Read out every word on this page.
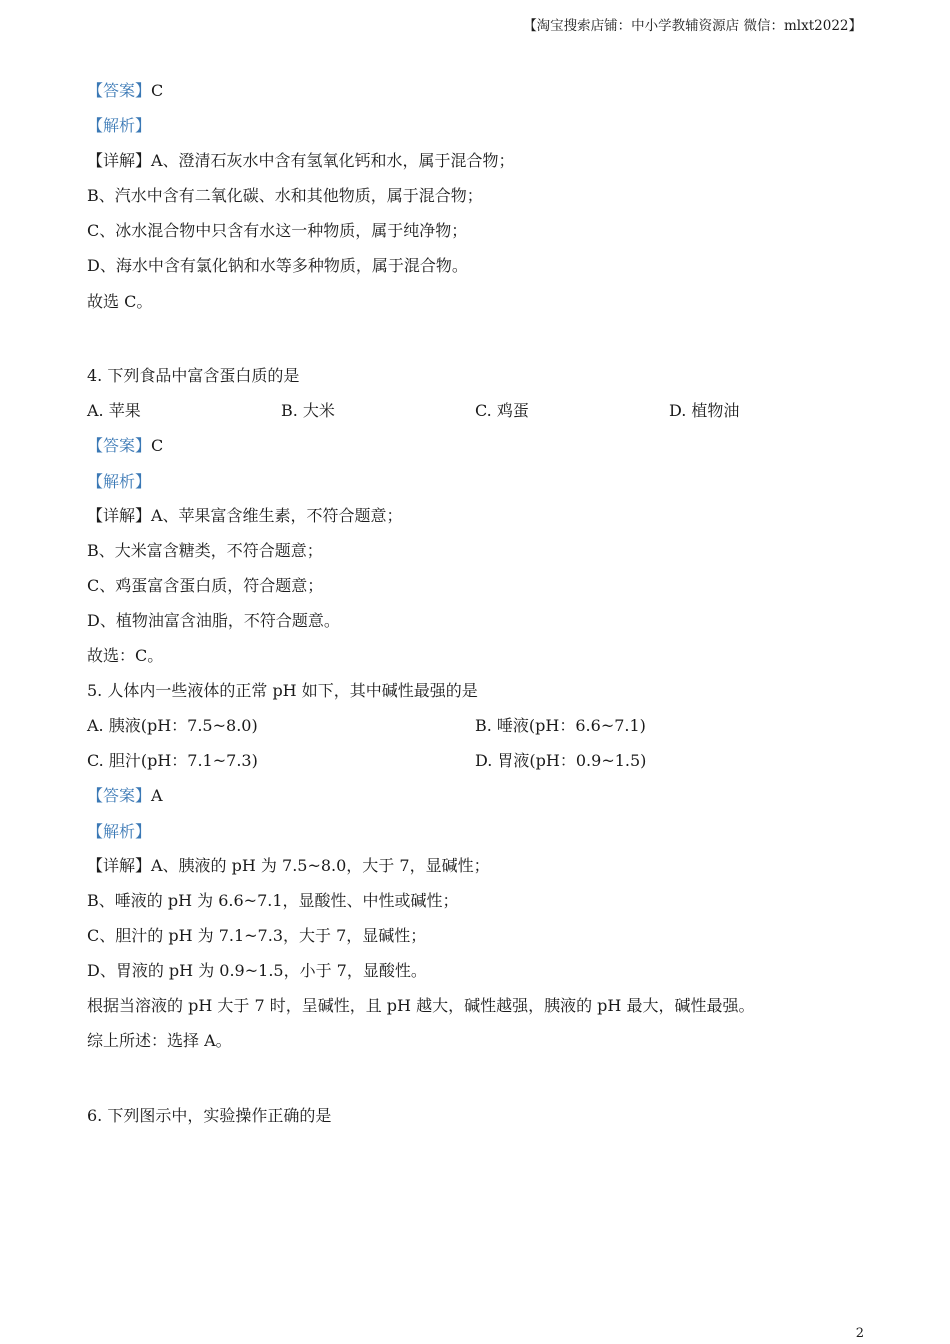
【淘宝搜索店铺：中小学教辅资源店 微信：mlxt2022】
【答案】C
【解析】
【详解】A、澄清石灰水中含有氢氧化钙和水，属于混合物；
B、汽水中含有二氧化碳、水和其他物质，属于混合物；
C、冰水混合物中只含有水这一种物质，属于纯净物；
D、海水中含有氯化钠和水等多种物质，属于混合物。
故选 C。
4. 下列食品中富含蛋白质的是
A. 苹果	B. 大米	C. 鸡蛋	D. 植物油
【答案】C
【解析】
【详解】A、苹果富含维生素，不符合题意；
B、大米富含糖类，不符合题意；
C、鸡蛋富含蛋白质，符合题意；
D、植物油富含油脂，不符合题意。
故选：C。
5. 人体内一些液体的正常 pH 如下，其中碱性最强的是
A. 胰液(pH：7.5~8.0)	B. 唾液(pH：6.6~7.1)
C. 胆汁(pH：7.1~7.3)	D. 胃液(pH：0.9~1.5)
【答案】A
【解析】
【详解】A、胰液的 pH 为 7.5~8.0，大于 7，显碱性；
B、唾液的 pH 为 6.6~7.1，显酸性、中性或碱性；
C、胆汁的 pH 为 7.1~7.3，大于 7，显碱性；
D、胃液的 pH 为 0.9~1.5，小于 7，显酸性。
根据当溶液的 pH 大于 7 时，呈碱性，且 pH 越大，碱性越强，胰液的 pH 最大，碱性最强。
综上所述：选择 A。
6. 下列图示中，实验操作正确的是
2
